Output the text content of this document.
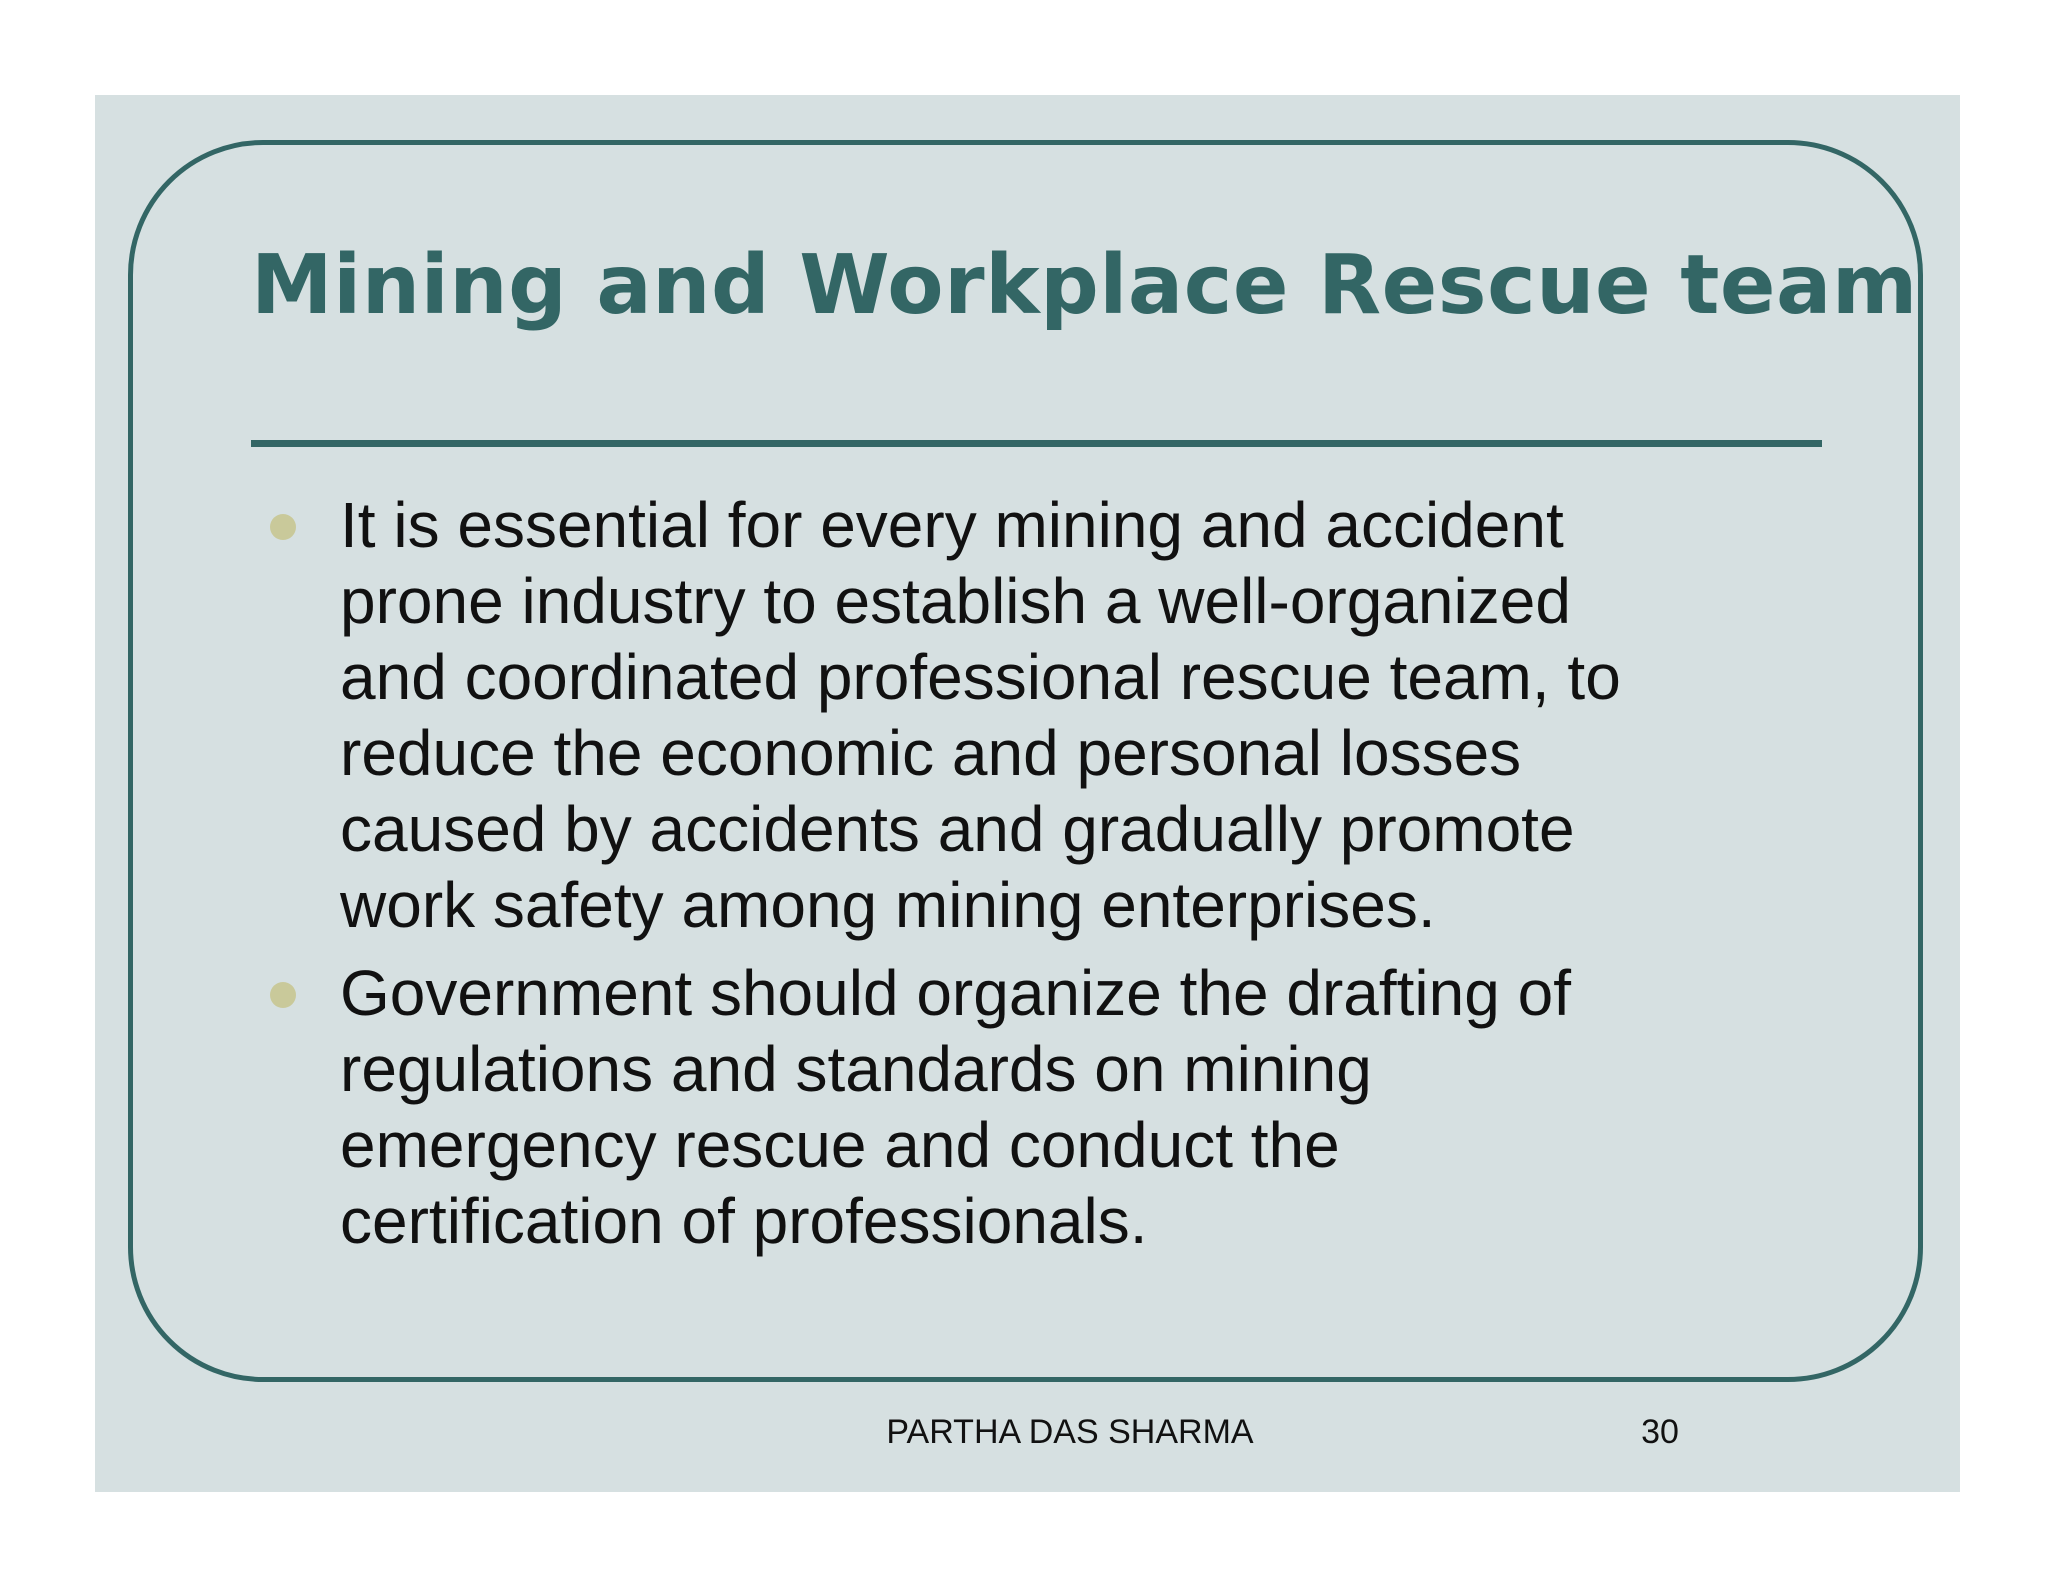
Mining and Workplace Rescue team
It is essential for every mining and accident
prone industry to establish a well-organized
and coordinated professional rescue team, to
reduce the economic and personal losses
caused by accidents and gradually promote
work safety among mining enterprises.
Government should organize the drafting of
regulations and standards on mining
emergency rescue and conduct the
certification of professionals.
PARTHA DAS SHARMA	30
